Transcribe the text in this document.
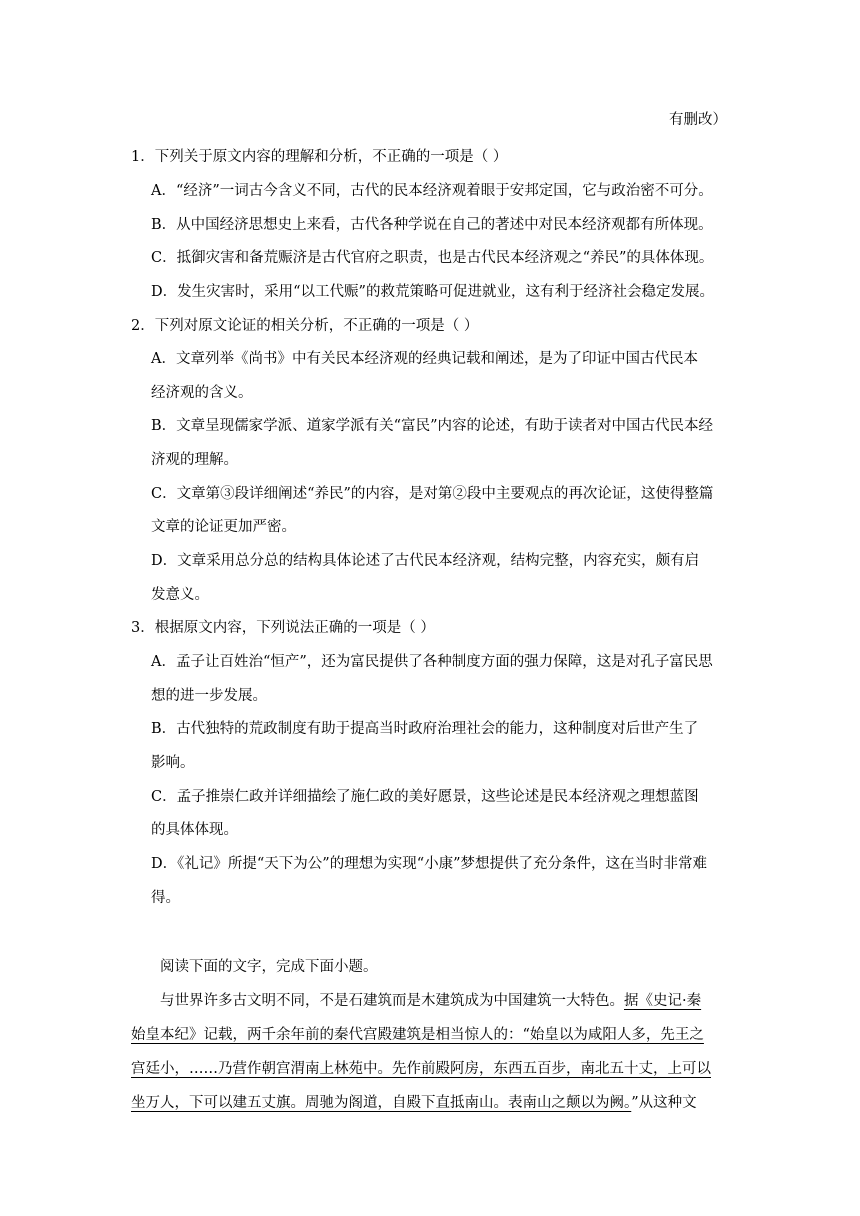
有删改）
1．下列关于原文内容的理解和分析，不正确的一项是（ ）
A．“经济”一词古今含义不同，古代的民本经济观着眼于安邦定国，它与政治密不可分。
B．从中国经济思想史上来看，古代各种学说在自己的著述中对民本经济观都有所体现。
C．抵御灾害和备荒赈济是古代官府之职责，也是古代民本经济观之“养民”的具体体现。
D．发生灾害时，采用“以工代赈”的救荒策略可促进就业，这有利于经济社会稳定发展。
2．下列对原文论证的相关分析，不正确的一项是（ ）
A．文章列举《尚书》中有关民本经济观的经典记载和阐述，是为了印证中国古代民本
经济观的含义。
B．文章呈现儒家学派、道家学派有关“富民”内容的论述，有助于读者对中国古代民本经
济观的理解。
C．文章第③段详细阐述“养民”的内容，是对第②段中主要观点的再次论证，这使得整篇
文章的论证更加严密。
D．文章采用总分总的结构具体论述了古代民本经济观，结构完整，内容充实，颇有启
发意义。
3．根据原文内容，下列说法正确的一项是（ ）
A．孟子让百姓治“恒产”，还为富民提供了各种制度方面的强力保障，这是对孔子富民思
想的进一步发展。
B．古代独特的荒政制度有助于提高当时政府治理社会的能力，这种制度对后世产生了
影响。
C．孟子推崇仁政并详细描绘了施仁政的美好愿景，这些论述是民本经济观之理想蓝图
的具体体现。
D．《礼记》所提“天下为公”的理想为实现“小康”梦想提供了充分条件，这在当时非常难
得。
阅读下面的文字，完成下面小题。
与世界许多古文明不同，不是石建筑而是木建筑成为中国建筑一大特色。据《史记·秦
始皇本纪》记载，两千余年前的秦代宫殿建筑是相当惊人的：“始皇以为咸阳人多，先王之
宫廷小，……乃营作朝宫渭南上林苑中。先作前殿阿房，东西五百步，南北五十丈，上可以
坐万人，下可以建五丈旗。周驰为阁道，自殿下直抵南山。表南山之颠以为阙。”从这种文
